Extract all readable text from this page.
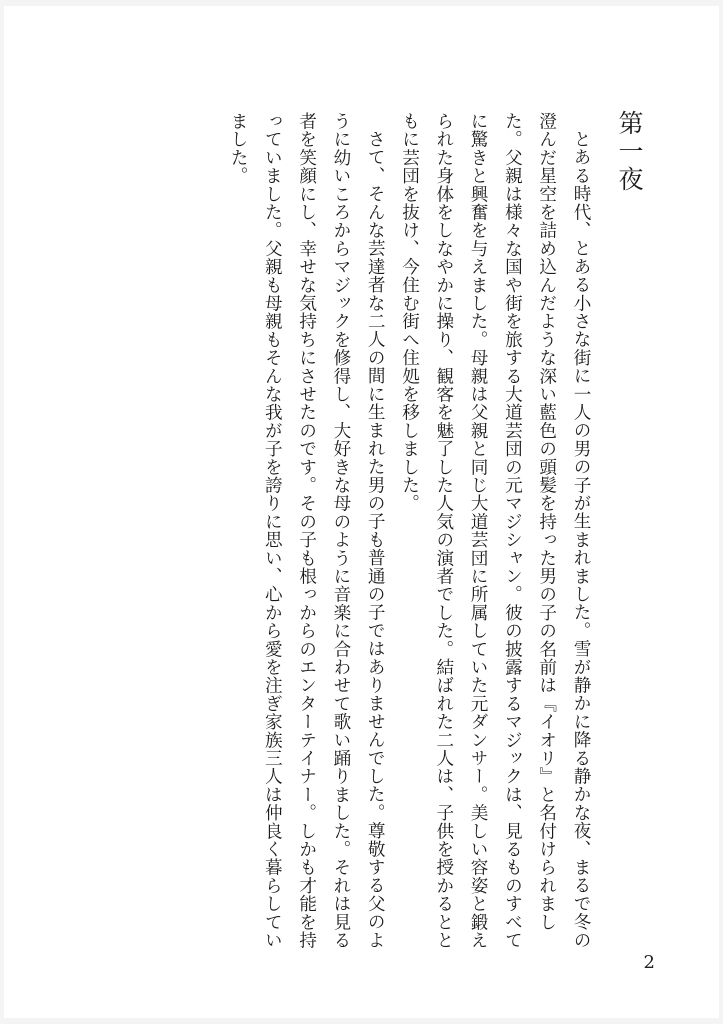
第一夜

とある時代、とある小さな街に一人の男の子が生まれました。雪が静かに降る静かな夜、まるで冬の澄んだ星空を詰め込んだような深い藍色の頭髪を持った男の子の名前は『イオリ』と名付けられました。父親は様々な国や街を旅する大道芸団の元マジシャン。彼の披露するマジックは、見るものすべてに驚きと興奮を与えました。母親は父親と同じ大道芸団に所属していた元ダンサー。美しい容姿と鍛えられた身体をしなやかに操り、観客を魅了した人気の演者でした。結ばれた二人は、子供を授かるとともに芸団を抜け、今住む街へ住処を移しました。

さて、そんな芸達者な二人の間に生まれた男の子も普通の子ではありませんでした。尊敬する父のように幼いころからマジックを修得し、大好きな母のように音楽に合わせて歌い踊りました。それは見る者を笑顔にし、幸せな気持ちにさせたのです。その子も根っからのエンターテイナー。しかも才能を持っていました。父親も母親もそんな我が子を誇りに思い、心から愛を注ぎ家族三人は仲良く暮らしていました。

2
